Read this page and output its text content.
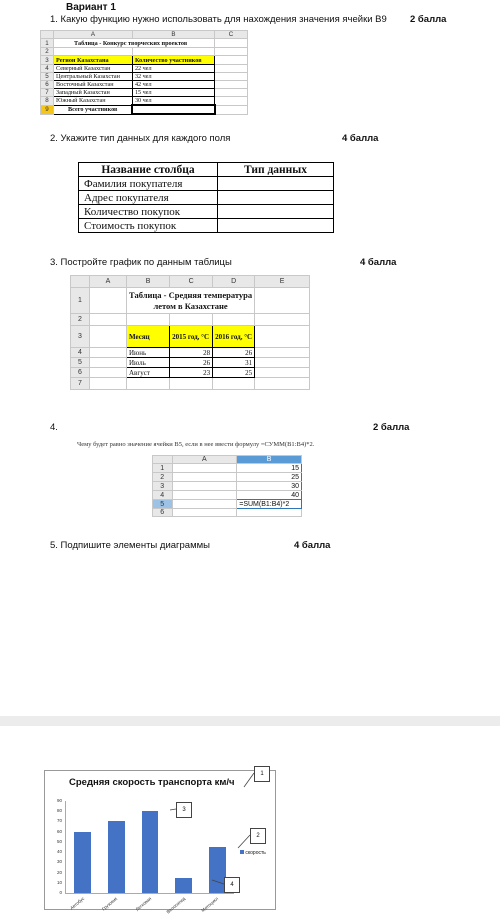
Вариант 1
1. Какую функцию нужно использовать для нахождения значения ячейки B9 2 балла
	A	B	C
1	Таблица - Конкурс творческих проектов		
2			
3	Регион Казахстана	Количество участников	
4	Северный Казахстан	22 чел	
5	Центральный Казахстан	32 чел	
6	Восточный Казахстан	42 чел	
7	Западный Казахстан	15 чел	
8	Южный Казахстан	30 чел	
9	Всего участников		
2. Укажите тип данных для каждого поля	4 балла
Название столбца	Тип данных
Фамилия покупателя	
Адрес покупателя	
Количество покупок	
Стоимость покупок	
3. Постройте график по данным таблицы	4 балла
	A	B	C	D	E
1		Таблица - Средняя температура
летом в Казахстане			
2					
3		Месяц	2015 год, °С	2016 год, °С	
4		Июнь	28	26	
5		Июль	26	31	
6		Август	23	25	
7					
4.	2 балла
Чему будет равно значение ячейки B5, если в нее ввести формулу =СУММ(B1:B4)*2.
	A	B
1		15
2		25
3		30
4		40
5		=SUM(B1:B4)*2
6		
5. Подпишите элементы диаграммы	4 балла
Средняя скорость транспорта км/ч
скорость
90
80
70
60
50
40
30
20
10
0
Автобус	Грузовик	Легковая	Велосипед	Мотоцикл
1
2
3
4
